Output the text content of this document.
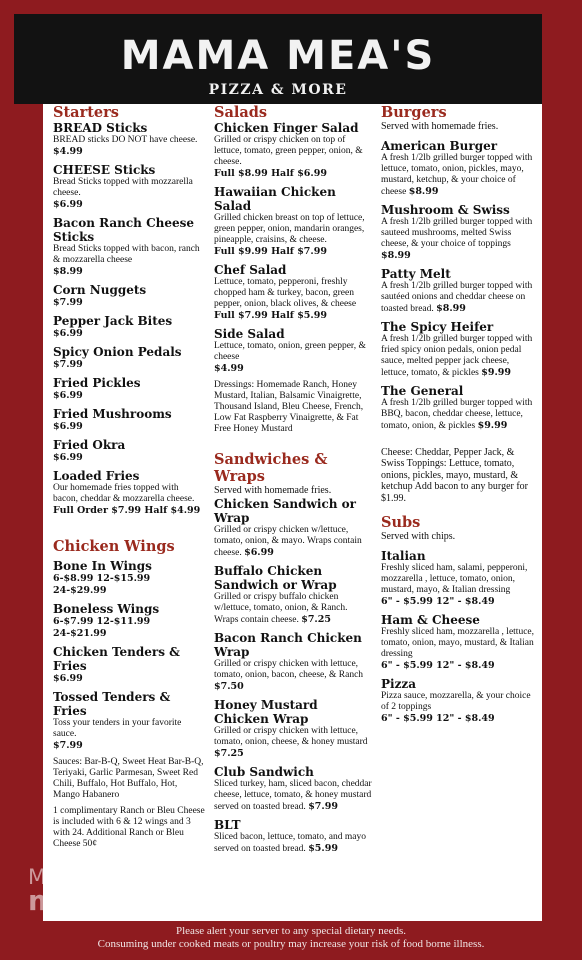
MAMA MEA'S
PIZZA & MORE
Starters
BREAD Sticks
BREAD sticks DO NOT have cheese.
$4.99
CHEESE Sticks
Bread Sticks topped with mozzarella cheese.
$6.99
Bacon Ranch Cheese Sticks
Bread Sticks topped with bacon, ranch & mozzarella cheese
$8.99
Corn Nuggets
$7.99
Pepper Jack Bites
$6.99
Spicy Onion Pedals
$7.99
Fried Pickles
$6.99
Fried Mushrooms
$6.99
Fried Okra
$6.99
Loaded Fries
Our homemade fries topped with bacon, cheddar & mozzarella cheese.
Full Order $7.99 Half $4.99
Chicken Wings
Bone In Wings
6-$8.99 12-$15.99 24-$29.99
Boneless Wings
6-$7.99 12-$11.99 24-$21.99
Chicken Tenders & Fries
$6.99
Tossed Tenders & Fries
Toss your tenders in your favorite sauce.
$7.99
Sauces: Bar-B-Q, Sweet Heat Bar-B-Q, Teriyaki, Garlic Parmesan, Sweet Red Chili, Buffalo, Hot Buffalo, Hot, Mango Habanero
1 complimentary Ranch or Bleu Cheese is included with 6 & 12 wings and 3 with 24. Additional Ranch or Bleu Cheese 50¢
Salads
Chicken Finger Salad
Grilled or crispy chicken on top of lettuce, tomato, green pepper, onion, & cheese.
Full $8.99 Half $6.99
Hawaiian Chicken Salad
Grilled chicken breast on top of lettuce, green pepper, onion, mandarin oranges, pineapple, craisins, & cheese.
Full $9.99 Half $7.99
Chef Salad
Lettuce, tomato, pepperoni, freshly chopped ham & turkey, bacon, green pepper, onion, black olives, & cheese
Full $7.99 Half $5.99
Side Salad
Lettuce, tomato, onion, green pepper, & cheese
$4.99
Dressings: Homemade Ranch, Honey Mustard, Italian, Balsamic Vinaigrette, Thousand Island, Bleu Cheese, French, Low Fat Raspberry Vinaigrette, & Fat Free Honey Mustard
Sandwiches & Wraps
Served with homemade fries.
Chicken Sandwich or Wrap
Grilled or crispy chicken w/lettuce, tomato, onion, & mayo. Wraps contain cheese. $6.99
Buffalo Chicken Sandwich or Wrap
Grilled or crispy buffalo chicken w/lettuce, tomato, onion, & Ranch. Wraps contain cheese. $7.25
Bacon Ranch Chicken Wrap
Grilled or crispy chicken with lettuce, tomato, onion, bacon, cheese, & Ranch $7.50
Honey Mustard Chicken Wrap
Grilled or crispy chicken with lettuce, tomato, onion, cheese, & honey mustard $7.25
Club Sandwich
Sliced turkey, ham, sliced bacon, cheddar cheese, lettuce, tomato, & honey mustard served on toasted bread. $7.99
BLT
Sliced bacon, lettuce, tomato, and mayo served on toasted bread. $5.99
Burgers
Served with homemade fries.
American Burger
A fresh 1/2lb grilled burger topped with lettuce, tomato, onion, pickles, mayo, mustard, ketchup, & your choice of cheese $8.99
Mushroom & Swiss
A fresh 1/2lb grilled burger topped with sauteed mushrooms, melted Swiss cheese, & your choice of toppings $8.99
Patty Melt
A fresh 1/2lb grilled burger topped with sautéed onions and cheddar cheese on toasted bread. $8.99
The Spicy Heifer
A fresh 1/2lb grilled burger topped with fried spicy onion pedals, onion pedal sauce, melted pepper jack cheese, lettuce, tomato, & pickles $9.99
The General
A fresh 1/2lb grilled burger topped with BBQ, bacon, cheddar cheese, lettuce, tomato, onion, & pickles $9.99
Cheese: Cheddar, Pepper Jack, & Swiss Toppings: Lettuce, tomato, onions, pickles, mayo, mustard, & ketchup Add bacon to any burger for $1.99.
Subs
Served with chips.
Italian
Freshly sliced ham, salami, pepperoni, mozzarella , lettuce, tomato, onion, mustard, mayo, & Italian dressing
6" - $5.99 12" - $8.49
Ham & Cheese
Freshly sliced ham, mozzarella , lettuce, tomato, onion, mayo, mustard, & Italian dressing
6" - $5.99 12" - $8.49
Pizza
Pizza sauce, mozzarella, & your choice of 2 toppings
6" - $5.99 12" - $8.49
MUST HAVE
menus
Please alert your server to any special dietary needs.
Consuming under cooked meats or poultry may increase your risk of food borne illness.
